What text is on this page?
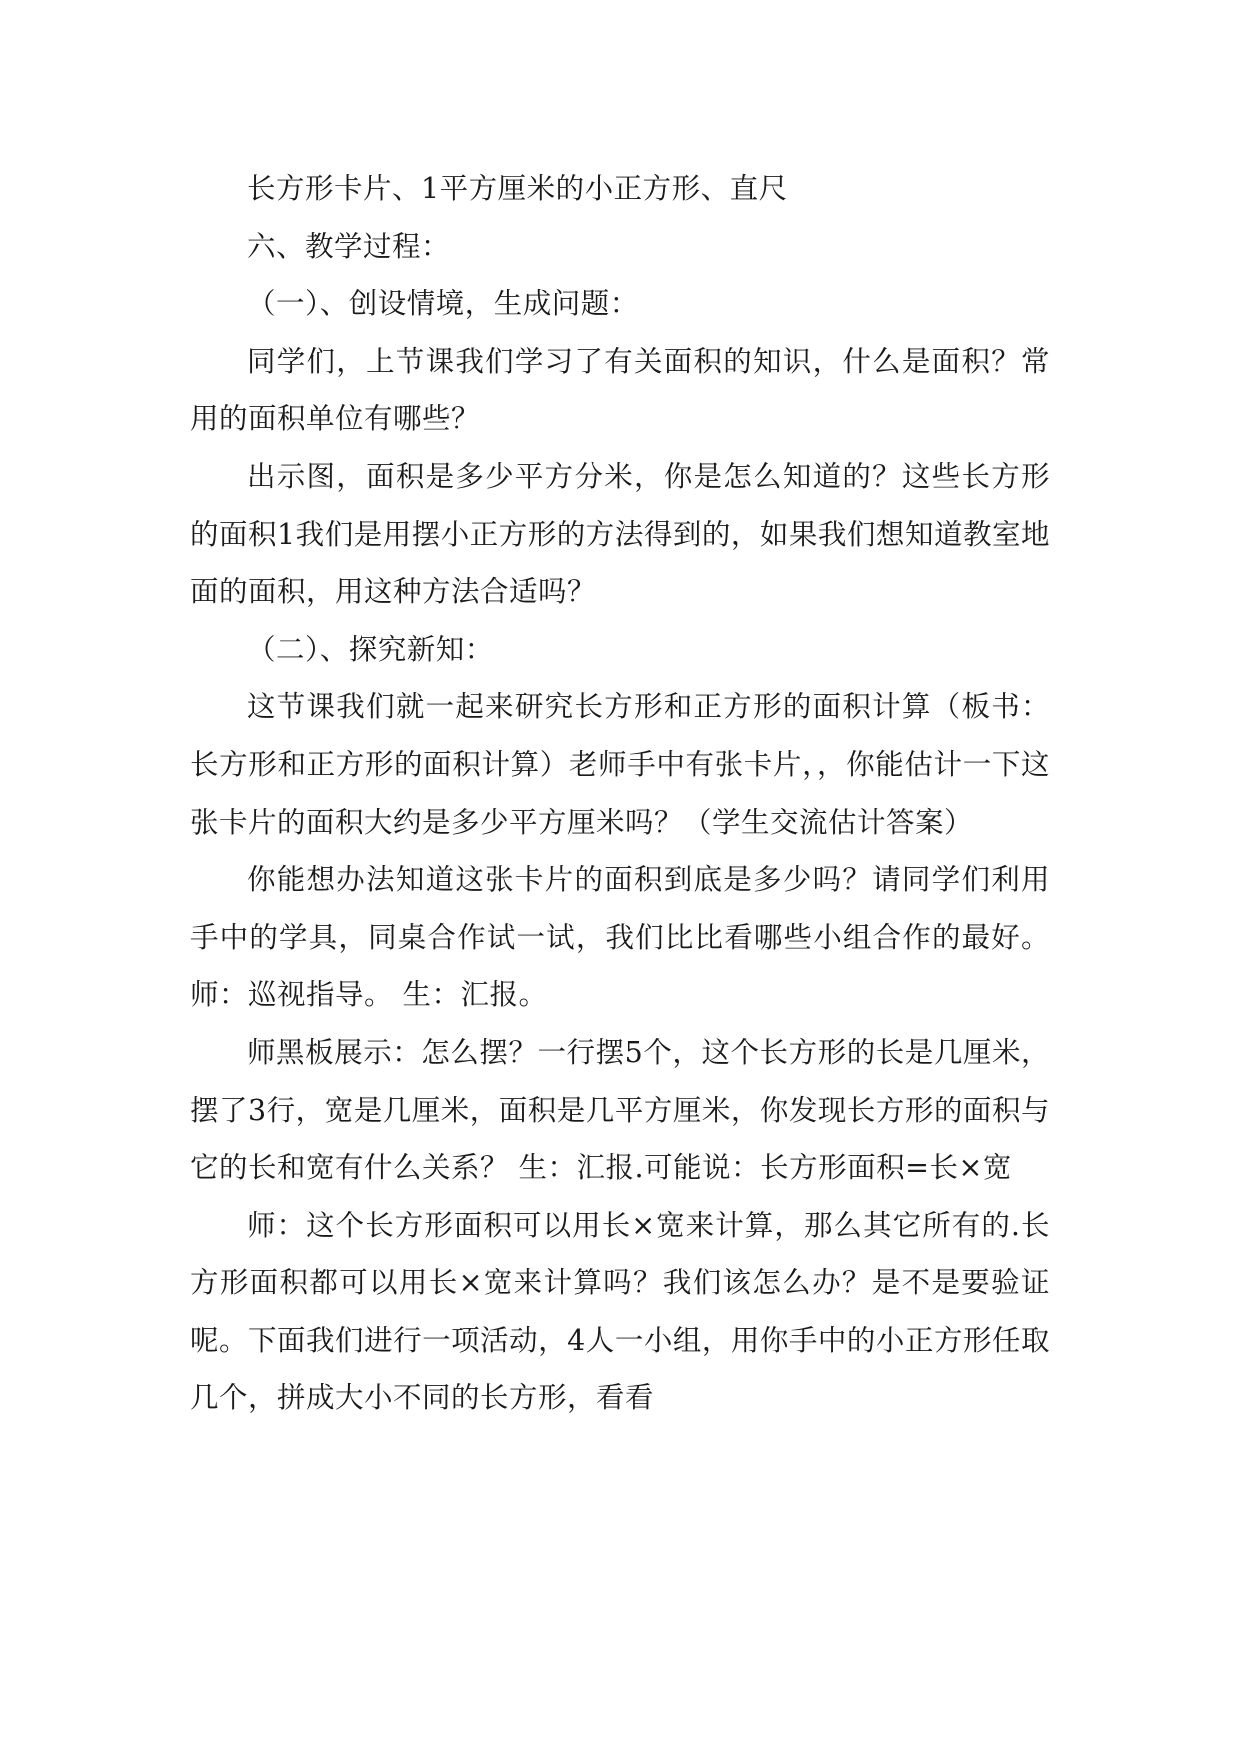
长方形卡片、1平方厘米的小正方形、直尺

六、教学过程：

（一）、创设情境，生成问题：

同学们，上节课我们学习了有关面积的知识，什么是面积？常用的面积单位有哪些？

出示图，面积是多少平方分米，你是怎么知道的？这些长方形的面积1我们是用摆小正方形的方法得到的，如果我们想知道教室地面的面积，用这种方法合适吗？

（二）、探究新知：

这节课我们就一起来研究长方形和正方形的面积计算（板书：长方形和正方形的面积计算）老师手中有张卡片，，你能估计一下这张卡片的面积大约是多少平方厘米吗？（学生交流估计答案）

你能想办法知道这张卡片的面积到底是多少吗？请同学们利用手中的学具，同桌合作试一试，我们比比看哪些小组合作的最好。 师：巡视指导。 生：汇报。

师黑板展示：怎么摆？一行摆5个，这个长方形的长是几厘米，摆了3行，宽是几厘米，面积是几平方厘米，你发现长方形的面积与它的长和宽有什么关系？ 生：汇报.可能说：长方形面积=长×宽

师：这个长方形面积可以用长×宽来计算，那么其它所有的.长方形面积都可以用长×宽来计算吗？我们该怎么办？是不是要验证呢。下面我们进行一项活动，4人一小组，用你手中的小正方形任取几个，拼成大小不同的长方形，看看
